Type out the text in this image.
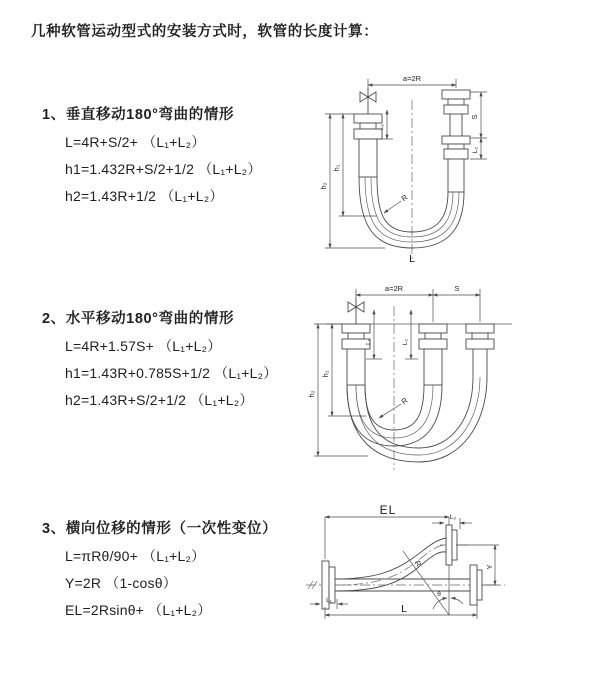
几种软管运动型式的安装方式时，软管的长度计算：
1、垂直移动180°弯曲的情形
L=4R+S/2+ （L₁+L₂）
h1=1.432R+S/2+1/2 （L₁+L₂）
h2=1.43R+1/2 （L₁+L₂）
2、水平移动180°弯曲的情形
L=4R+1.57S+ （L₁+L₂）
h1=1.43R+0.785S+1/2 （L₁+L₂）
h2=1.43R+S/2+1/2 （L₁+L₂）
3、横向位移的情形（一次性变位）
L=πRθ/90+ （L₁+L₂）
Y=2R （1-cosθ）
EL=2Rsinθ+ （L₁+L₂）
a=2R
h₂
h₁
S
L₂
L₁
R
L
a=2R	S
h₂
h₁
L₁	L₂
R
EL
L₂
θ
R	Y
L
L₁
